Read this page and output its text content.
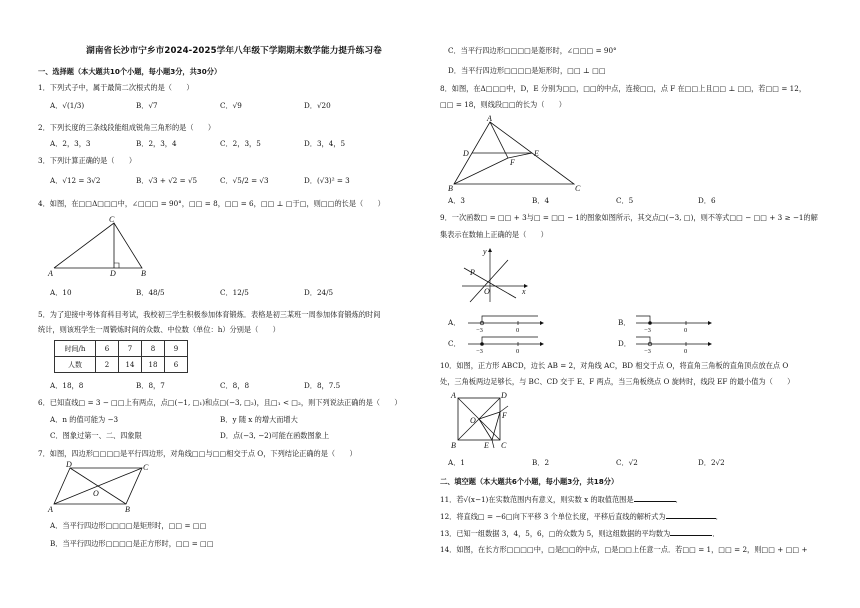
湖南省长沙市宁乡市2024-2025学年八年级下学期期末数学能力提升练习卷
一、选择题（本大题共10个小题，每小题3分，共30分）
1．下列式子中，属于最简二次根式的是（　　）
A．√(1/3)	B．√7	C．√9	D．√20
2．下列长度的三条线段能组成锐角三角形的是（　　）
A．2，3，3	B．2，3，4	C．2，3，5	D．3，4，5
3．下列计算正确的是（　　）
A．√12 = 3√2	B．√3 + √2 = √5	C．√5/2 = √3	D．(√3)² = 3
4．如图，在□□Δ□□□中，∠□□□ = 90°，□□ = 8，□□ = 6，□□ ⊥ □于□，则□□的长是（　　）
C
A	D	B
A．10	B．48/5	C．12/5	D．24/5
5．为了迎接中考体育科目考试，我校初三学生积极参加体育锻炼．表格是初三某班一周参加体育锻炼的时间
统计，则该班学生一周锻炼时间的众数、中位数（单位：h）分别是（　　）
时间/h	6	7	8	9
人数	2	14	18	6
A．18，8	B．8，7	C．8，8	D．8，7.5
6．已知直线□ = 3 − □□上有两点，点□(−1, □₁)和点□(−3, □₂)，且□₁ < □₂，则下列说法正确的是（　　）
A．n 的值可能为 −3	B．y 随 x 的增大而增大
C．图象过第一、二、四象限	D．点(−3, −2)可能在函数图象上
7．如图，四边形□□□□是平行四边形，对角线□□与□□相交于点 O，下列结论正确的是（　　）
D	C
A	B
O
A．当平行四边形□□□□是矩形时，□□ = □□
B．当平行四边形□□□□是正方形时，□□ = □□
C．当平行四边形□□□□是菱形时，∠□□□ = 90°
D．当平行四边形□□□□是矩形时，□□ ⊥ □□
8．如图，在Δ□□□中，D，E 分别为□□，□□的中点，连接□□，点 F 在□□上且□□ ⊥ □□，若□□ = 12，
□□ = 18，则线段□□的长为（　　）
A
D	E
F
B	C
A．3	B．4	C．5	D．6
9．一次函数□ = □□ + 3与□ = □□ − 1的图象如图所示，其交点□(−3, □)，则不等式□□ − □□ + 3 ≥ −1的解
集表示在数轴上正确的是（　　）
y
x
O
P
A．
−3	0
B．
−3	0
C．
−3	0
D．
−3	0
10．如图，正方形 ABCD，边长 AB = 2，对角线 AC，BD 相交于点 O，将直角三角板的直角顶点放在点 O
处，三角板两边足够长，与 BC、CD 交于 E、F 两点，当三角板绕点 O 旋转时，线段 EF 的最小值为（　　）
A	D
B	C
O
E
F
A．1	B．2	C．√2	D．2√2
二、填空题（本大题共6个小题，每小题3分，共18分）
11．若√(x−1)在实数范围内有意义，则实数 x 的取值范围是	．
12．将直线□ = −6□向下平移 3 个单位长度，平移后直线的解析式为	．
13．已知一组数据 3，4，5，6，□的众数为 5，则这组数据的平均数为	．
14．如图，在长方形□□□□中，□是□□的中点，□是□□上任意一点．若□□ = 1，□□ = 2，则□□ + □□ +
